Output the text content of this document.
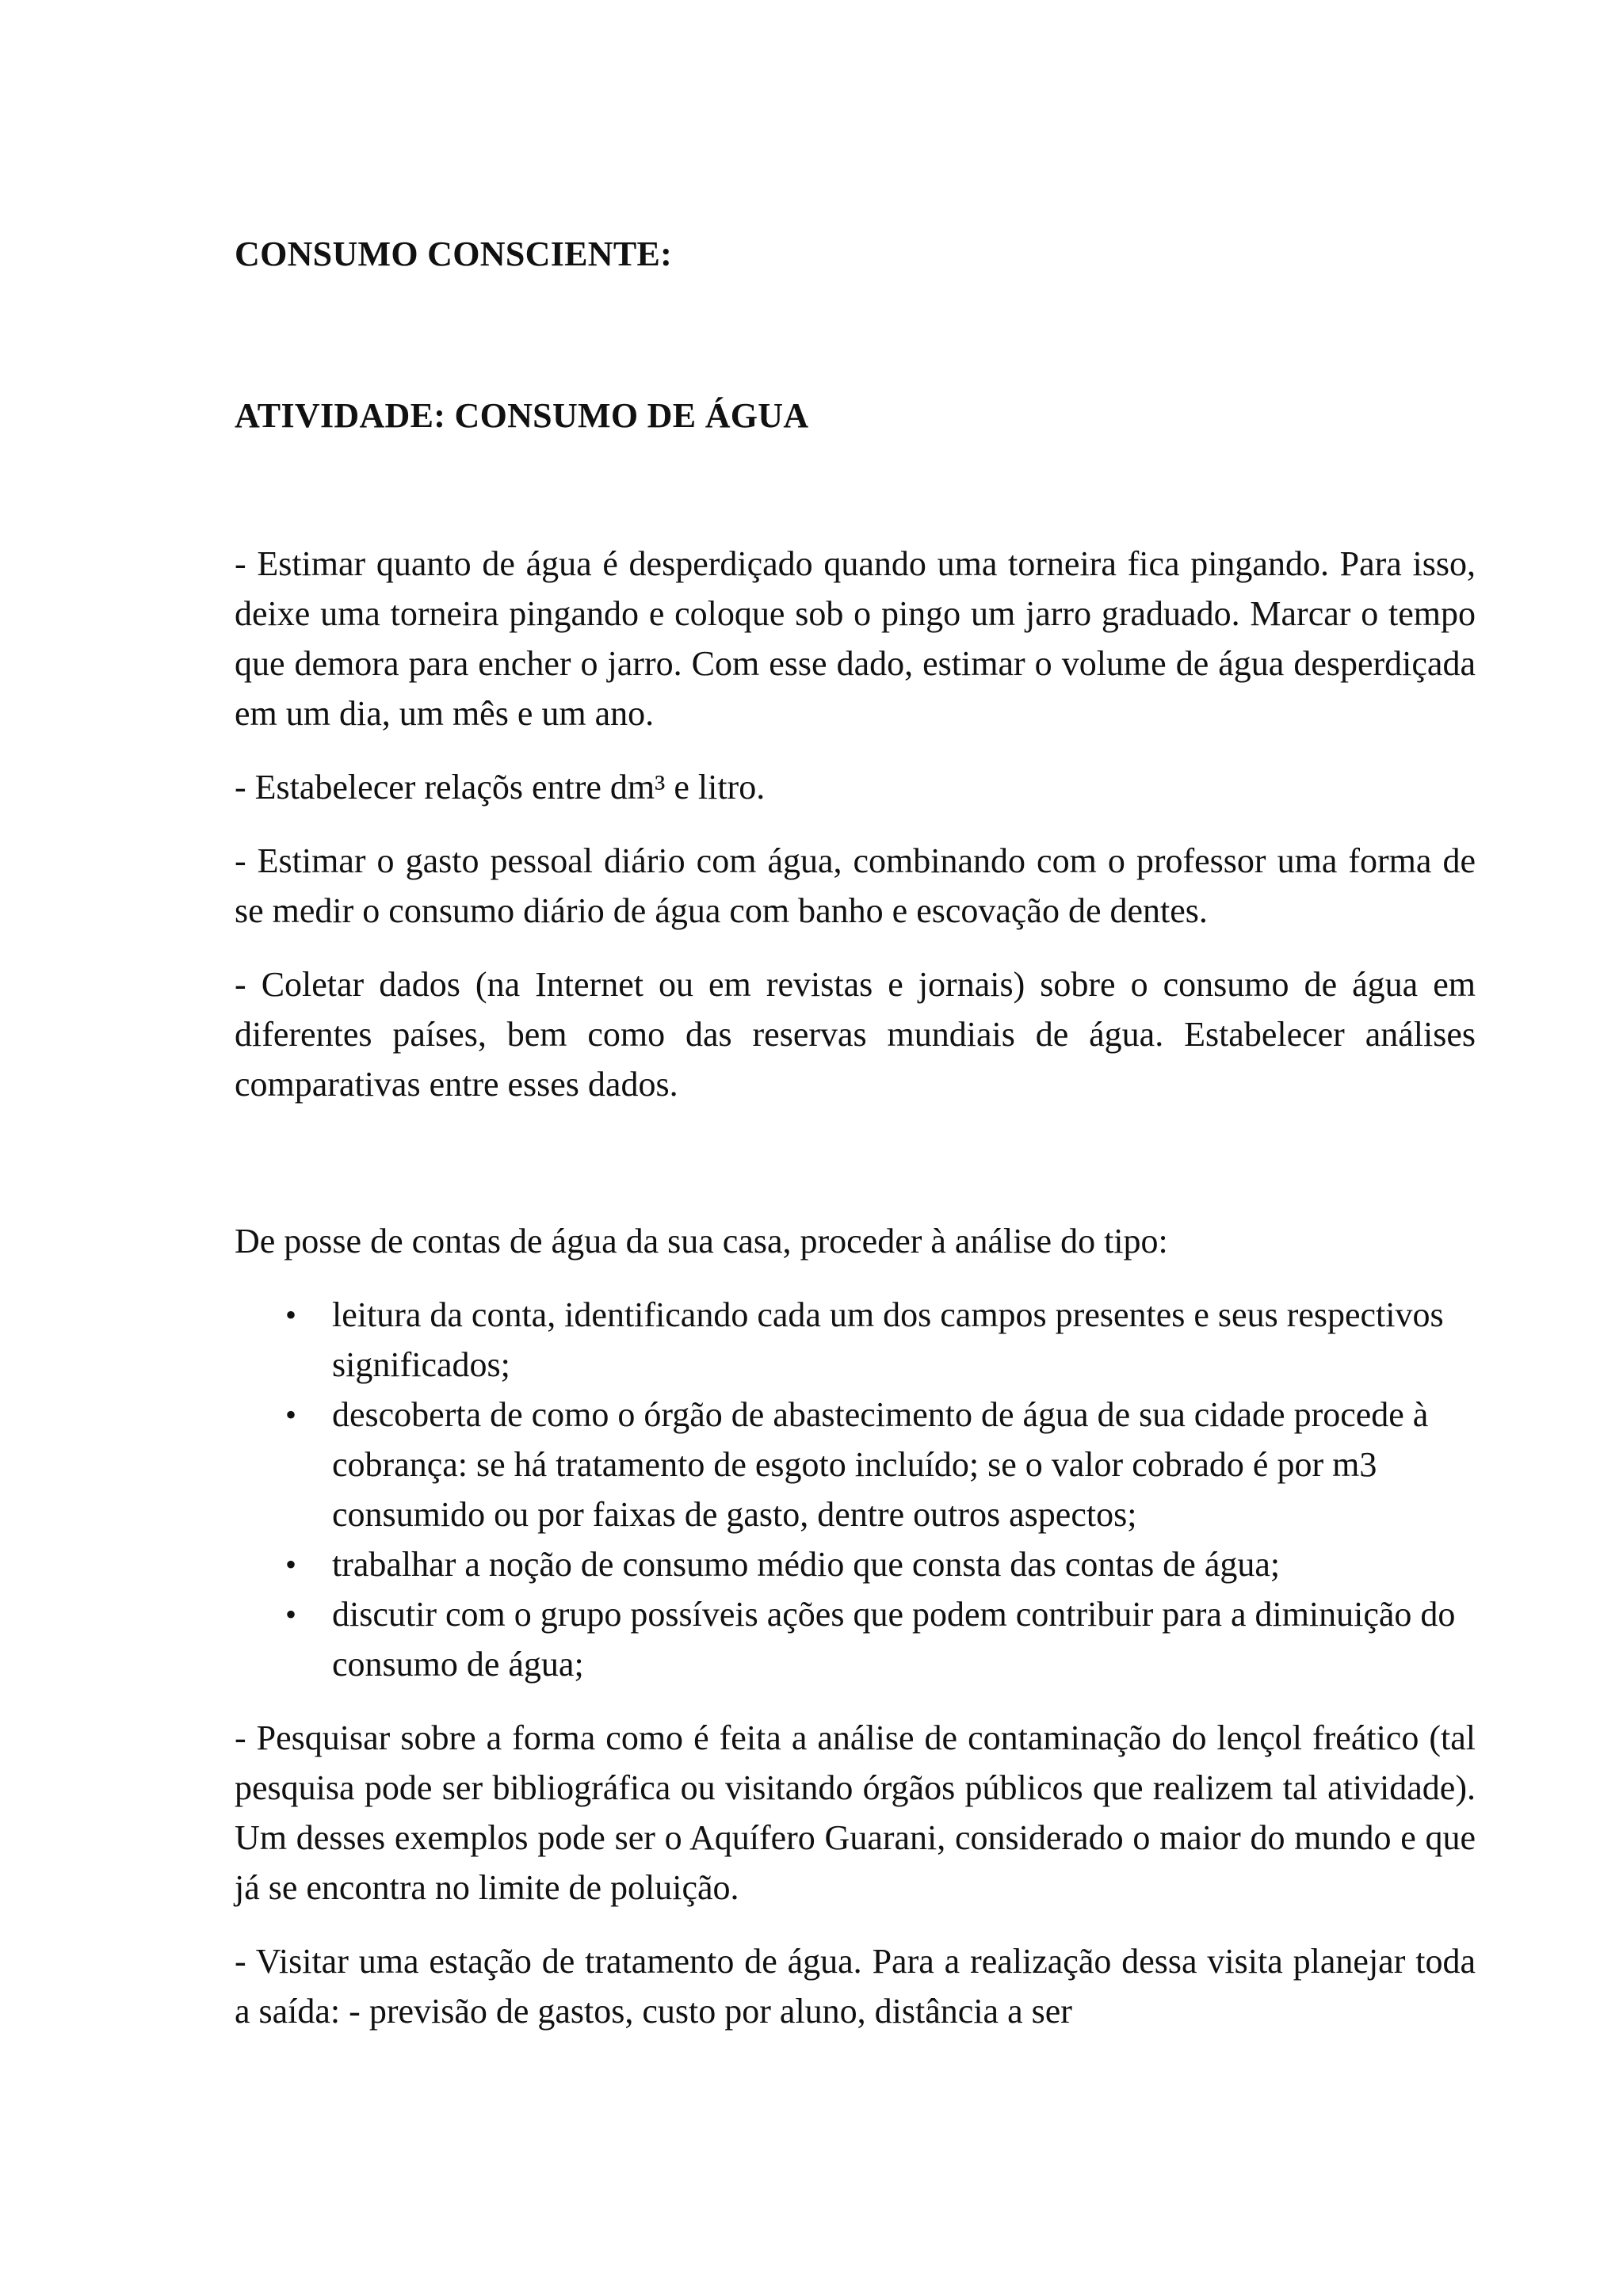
CONSUMO CONSCIENTE:
ATIVIDADE: CONSUMO DE ÁGUA

- Estimar quanto de água é desperdiçado quando uma torneira fica pingando. Para isso, deixe uma torneira pingando e coloque sob o pingo um jarro graduado. Marcar o tempo que demora para encher o jarro. Com esse dado, estimar o volume de água desperdiçada em um dia, um mês e um ano.

- Estabelecer relaçõs entre dm³ e litro.

- Estimar o gasto pessoal diário com água, combinando com o professor uma forma de se medir o consumo diário de água com banho e escovação de dentes.

- Coletar dados (na Internet ou em revistas e jornais) sobre o consumo de água em diferentes países, bem como das reservas mundiais de água. Estabelecer análises comparativas entre esses dados.

De posse de contas de água da sua casa, proceder à análise do tipo:

• leitura da conta, identificando cada um dos campos presentes e seus respectivos significados;
• descoberta de como o órgão de abastecimento de água de sua cidade procede à cobrança: se há tratamento de esgoto incluído; se o valor cobrado é por m3 consumido ou por faixas de gasto, dentre outros aspectos;
• trabalhar a noção de consumo médio que consta das contas de água;
• discutir com o grupo possíveis ações que podem contribuir para a diminuição do consumo de água;

- Pesquisar sobre a forma como é feita a análise de contaminação do lençol freático (tal pesquisa pode ser bibliográfica ou visitando órgãos públicos que realizem tal atividade). Um desses exemplos pode ser o Aquífero Guarani, considerado o maior do mundo e que já se encontra no limite de poluição.

- Visitar uma estação de tratamento de água. Para a realização dessa visita planejar toda a saída: - previsão de gastos, custo por aluno, distância a ser
